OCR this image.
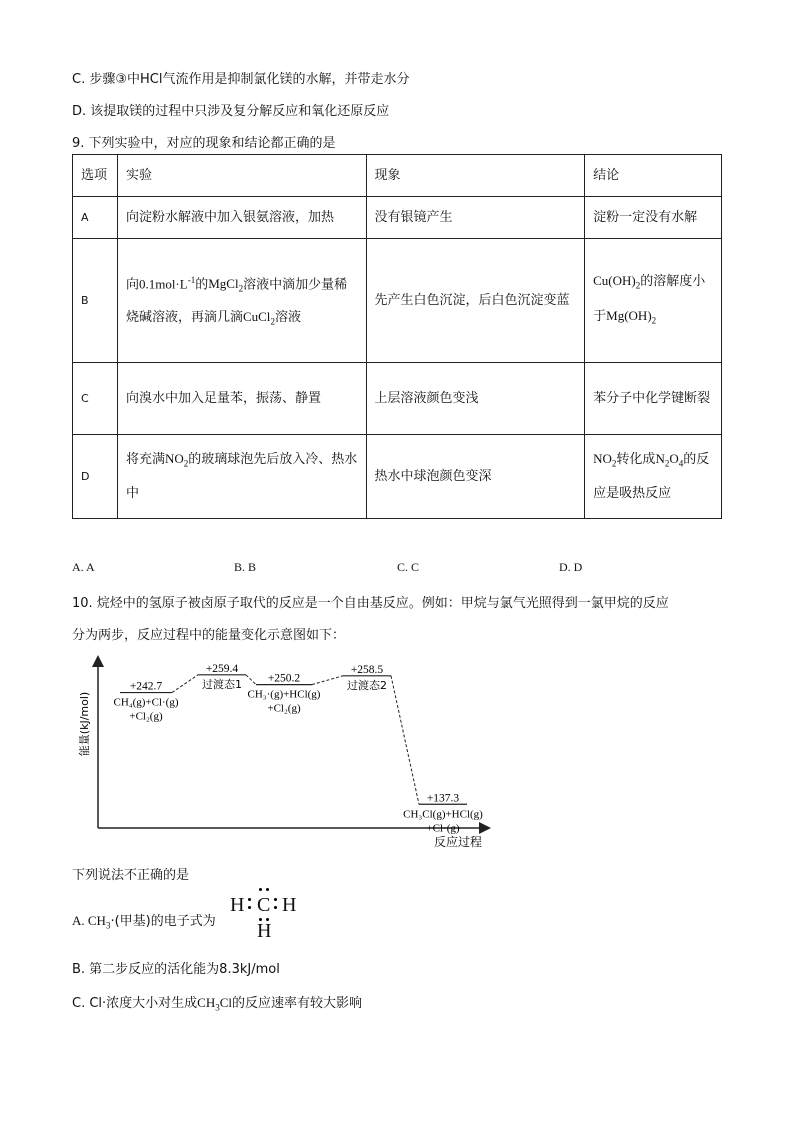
C. 步骤③中HCl气流作用是抑制氯化镁的水解，并带走水分
D. 该提取镁的过程中只涉及复分解反应和氧化还原反应
9. 下列实验中，对应的现象和结论都正确的是
选项	实验	现象	结论
A	向淀粉水解液中加入银氨溶液，加热	没有银镜产生	淀粉一定没有水解
B	向$0.1mol\cdot L^{-1}$的MgCl$_2$溶液中滴加少量稀烧碱溶液，再滴几滴CuCl$_2$溶液	先产生白色沉淀，后白色沉淀变蓝	$Cu(OH)_2$的溶解度小于$Mg(OH)_2$
C	向溴水中加入足量苯，振荡、静置	上层溶液颜色变浅	苯分子中化学键断裂
D	将充满$NO_2$的玻璃球泡先后放入冷、热水中	热水中球泡颜色变深	$NO_2$转化成$N_2O_4$的反应是吸热反应
A. A	B. B	C. C	D. D
10. 烷烃中的氢原子被卤原子取代的反应是一个自由基反应。例如：甲烷与氯气光照得到一氯甲烷的反应
分为两步，反应过程中的能量变化示意图如下：
能量(kJ/mol)
反应过程
+242.7
CH₄(g)+Cl·(g)
+Cl₂(g)
+259.4
过渡态1 +250.2
CH₃·(g)+HCl(g)
+Cl₂(g)
+258.5
过渡态2
+137.3
CH₃Cl(g)+HCl(g)
+Cl·(g)
下列说法不正确的是
A. $CH_3\cdot$(甲基)的电子式为
H C H
H
B. 第二步反应的活化能为8.3kJ/mol
C. Cl·浓度大小对生成$CH_3Cl$的反应速率有较大影响
